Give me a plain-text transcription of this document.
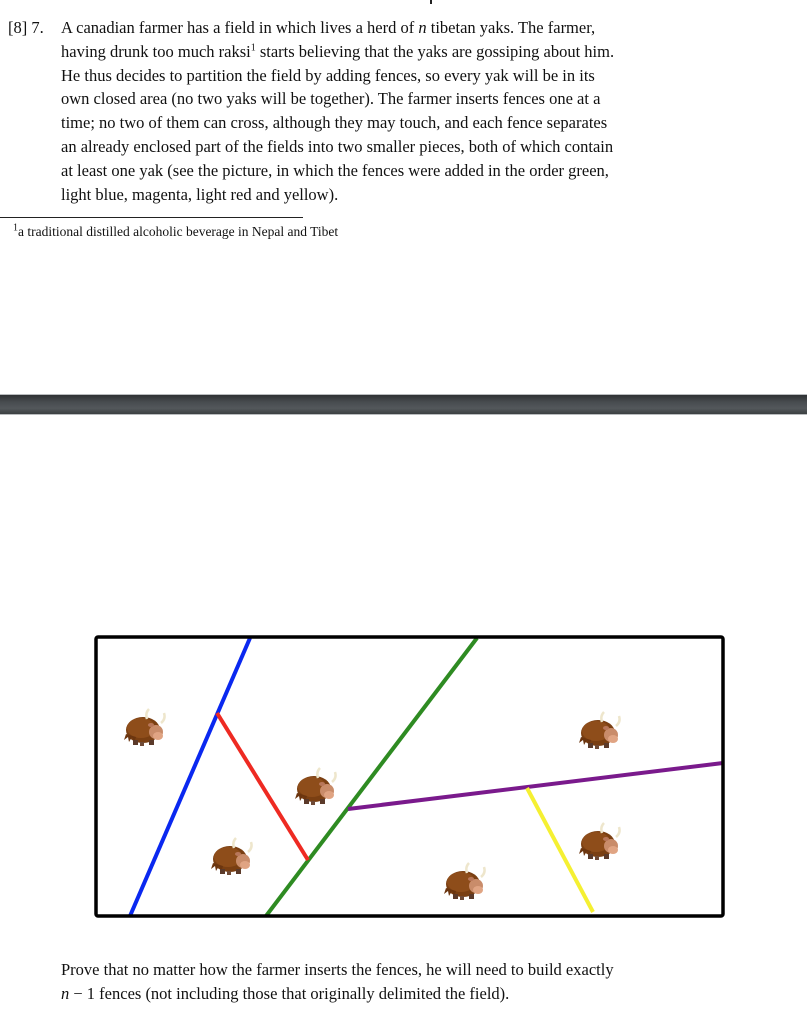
[8] 7. A canadian farmer has a field in which lives a herd of n tibetan yaks. The farmer,

having drunk too much raksi$^1$ starts believing that the yaks are gossiping about him.

He thus decides to partition the field by adding fences, so every yak will be in its

own closed area (no two yaks will be together). The farmer inserts fences one at a

time; no two of them can cross, although they may touch, and each fence separates

an already enclosed part of the fields into two smaller pieces, both of which contain

at least one yak (see the picture, in which the fences were added in the order green,

light blue, magenta, light red and yellow).

$^1$a traditional distilled alcoholic beverage in Nepal and Tibet

Prove that no matter how the farmer inserts the fences, he will need to build exactly

n − 1 fences (not including those that originally delimited the field).
